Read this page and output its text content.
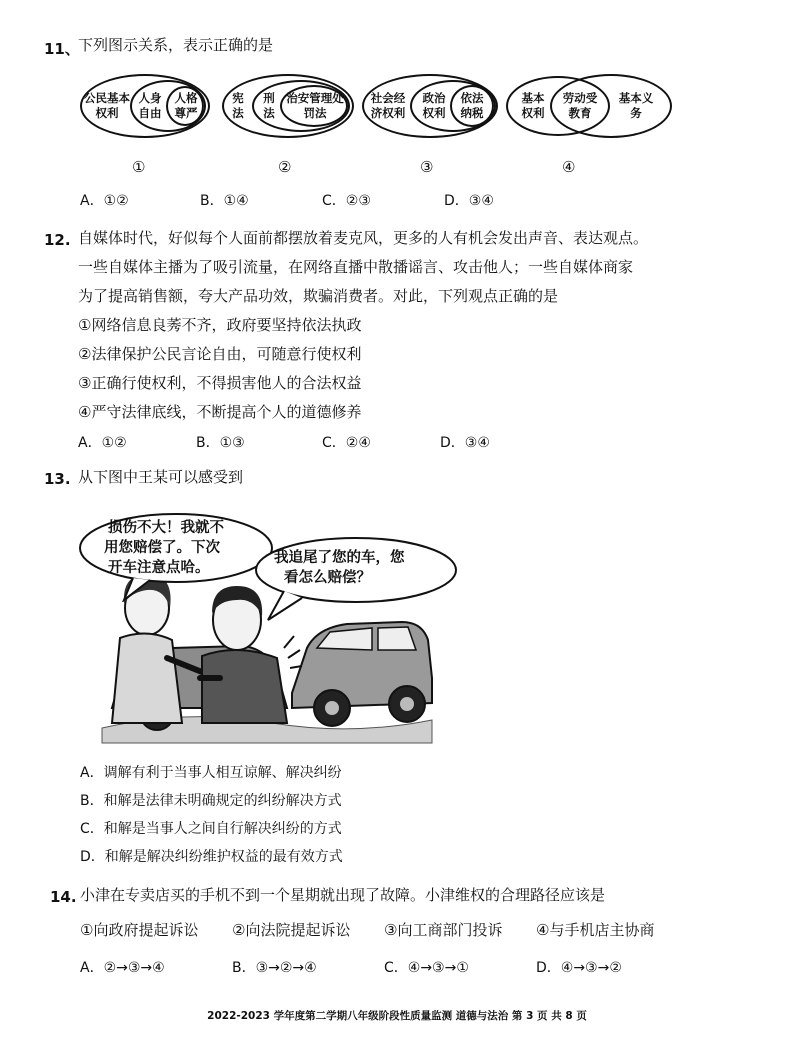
11、
下列图示关系，表示正确的是
公民基本权利
人身自由
人格尊严
①
宪法
刑法
治安管理处罚法
②
社会经济权利
政治权利
依法纳税
③
基本权利
劳动受教育
基本义务
④
A．①②	B．①④	C．②③	D．③④
12. 自媒体时代，好似每个人面前都摆放着麦克风，更多的人有机会发出声音、表达观点。
一些自媒体主播为了吸引流量，在网络直播中散播谣言、攻击他人；一些自媒体商家
为了提高销售额，夸大产品功效，欺骗消费者。对此，下列观点正确的是
①网络信息良莠不齐，政府要坚持依法执政
②法律保护公民言论自由，可随意行使权利
③正确行使权利，不得损害他人的合法权益
④严守法律底线，不断提高个人的道德修养
A．①②	B．①③	C．②④	D．③④
13. 从下图中王某可以感受到
损伤不大！我就不
用您赔偿了。下次
开车注意点哈。
我追尾了您的车，您
看怎么赔偿？
A．调解有利于当事人相互谅解、解决纠纷
B．和解是法律未明确规定的纠纷解决方式
C．和解是当事人之间自行解决纠纷的方式
D．和解是解决纠纷维护权益的最有效方式
14. 小津在专卖店买的手机不到一个星期就出现了故障。小津维权的合理路径应该是
①向政府提起诉讼 ②向法院提起诉讼 ③向工商部门投诉 ④与手机店主协商
A．②→③→④	B．③→②→④	C．④→③→①	D．④→③→②
2022-2023 学年度第二学期八年级阶段性质量监测 道德与法治 第 3 页 共 8 页
